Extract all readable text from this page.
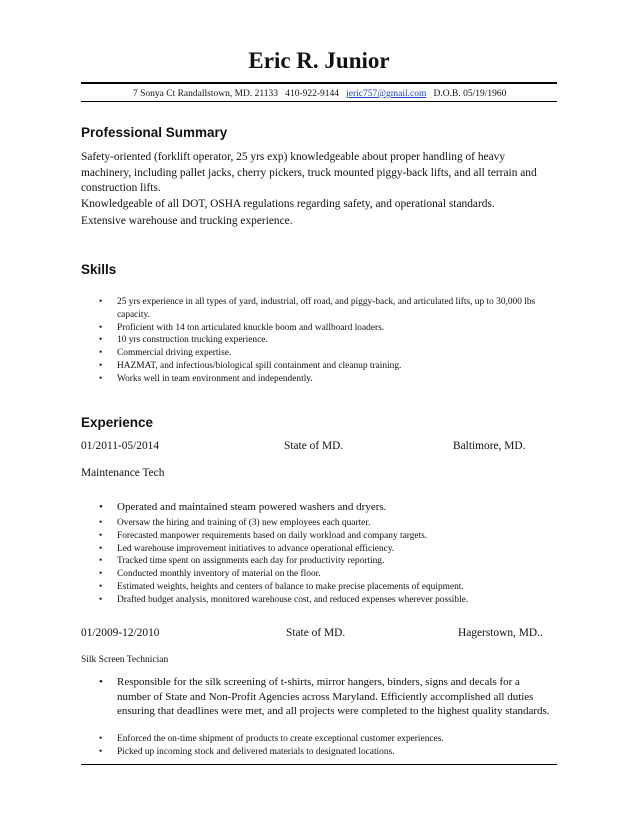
Eric R. Junior
7 Sonya Ct Randallstown, MD. 21133 410-922-9144 jeric757@gmail.com D.O.B. 05/19/1960
Professional Summary

Safety-oriented (forklift operator, 25 yrs exp) knowledgeable about proper handling of heavy machinery, including pallet jacks, cherry pickers, truck mounted piggy-back lifts, and all terrain and construction lifts.

Knowledgeable of all DOT, OSHA regulations regarding safety, and operational standards.

Extensive warehouse and trucking experience.

Skills
• 25 yrs experience in all types of yard, industrial, off road, and piggy-back, and articulated lifts, up to 30,000 lbs capacity.
• Proficient with 14 ton articulated knuckle boom and wallboard loaders.
• 10 yrs construction trucking experience.
• Commercial driving expertise.
• HAZMAT, and infectious/biological spill containment and cleanup training.
• Works well in team environment and independently.
Experience
01/2011-05/2014	State of MD.	Baltimore, MD.
Maintenance Tech
• Operated and maintained steam powered washers and dryers.
• Oversaw the hiring and training of (3) new employees each quarter.
• Forecasted manpower requirements based on daily workload and company targets.
• Led warehouse improvement initiatives to advance operational efficiency.
• Tracked time spent on assignments each day for productivity reporting.
• Conducted monthly inventory of material on the floor.
• Estimated weights, heights and centers of balance to make precise placements of equipment.
• Drafted budget analysis, monitored warehouse cost, and reduced expenses wherever possible.
01/2009-12/2010	State of MD.	Hagerstown, MD..
Silk Screen Technician
• Responsible for the silk screening of t-shirts, mirror hangers, binders, signs and decals for a number of State and Non-Profit Agencies across Maryland. Efficiently accomplished all duties ensuring that deadlines were met, and all projects were completed to the highest quality standards.
• Enforced the on-time shipment of products to create exceptional customer experiences.
• Picked up incoming stock and delivered materials to designated locations.
